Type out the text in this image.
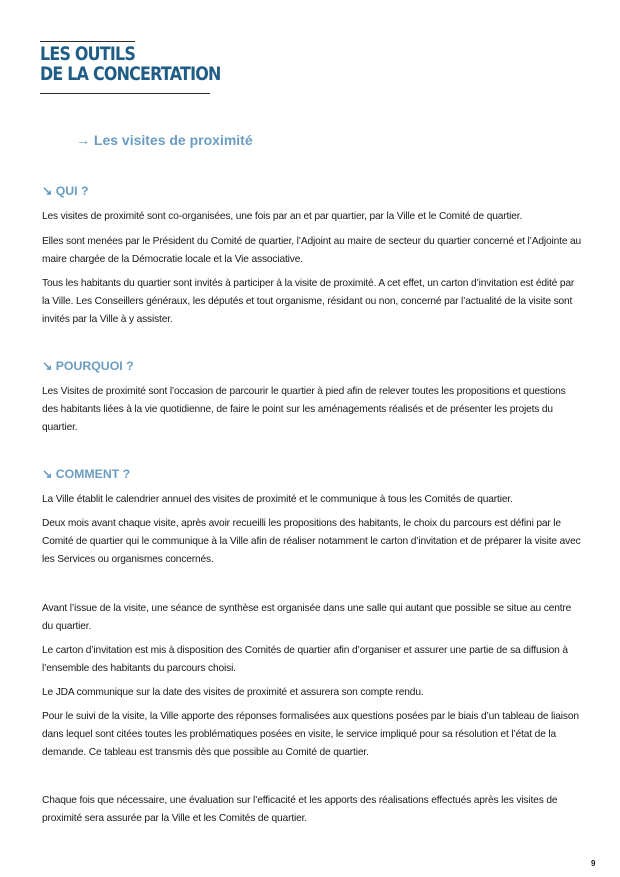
LES OUTILS
DE LA CONCERTATION
→ Les visites de proximité
↘ QUI ?

Les visites de proximité sont co-organisées, une fois par an et par quartier, par la Ville et le Comité de quartier.

Elles sont menées par le Président du Comité de quartier, l’Adjoint au maire de secteur du quartier concerné et l’Adjointe au maire chargée de la Démocratie locale et la Vie associative.

Tous les habitants du quartier sont invités à participer à la visite de proximité. A cet effet, un carton d’invitation est édité par la Ville. Les Conseillers généraux, les députés et tout organisme, résidant ou non, concerné par l’actualité de la visite sont invités par la Ville à y assister.

↘ POURQUOI ?

Les Visites de proximité sont l’occasion de parcourir le quartier à pied afin de relever toutes les propositions et questions des habitants liées à la vie quotidienne, de faire le point sur les aménagements réalisés et de présenter les projets du quartier.

↘ COMMENT ?

La Ville établit le calendrier annuel des visites de proximité et le communique à tous les Comités de quartier.

Deux mois avant chaque visite, après avoir recueilli les propositions des habitants, le choix du parcours est défini par le Comité de quartier qui le communique à la Ville afin de réaliser notamment le carton d’invitation et de préparer la visite avec les Services ou organismes concernés.

Avant l’issue de la visite, une séance de synthèse est organisée dans une salle qui autant que possible se situe au centre du quartier.

Le carton d’invitation est mis à disposition des Comités de quartier afin d’organiser et assurer une partie de sa diffusion à l’ensemble des habitants du parcours choisi.

Le JDA communique sur la date des visites de proximité et assurera son compte rendu.

Pour le suivi de la visite, la Ville apporte des réponses formalisées aux questions posées par le biais d’un tableau de liaison dans lequel sont citées toutes les problématiques posées en visite, le service impliqué pour sa résolution et l’état de la demande. Ce tableau est transmis dès que possible au Comité de quartier.

Chaque fois que nécessaire, une évaluation sur l’efficacité et les apports des réalisations effectués après les visites de proximité sera assurée par la Ville et les Comités de quartier.

9
